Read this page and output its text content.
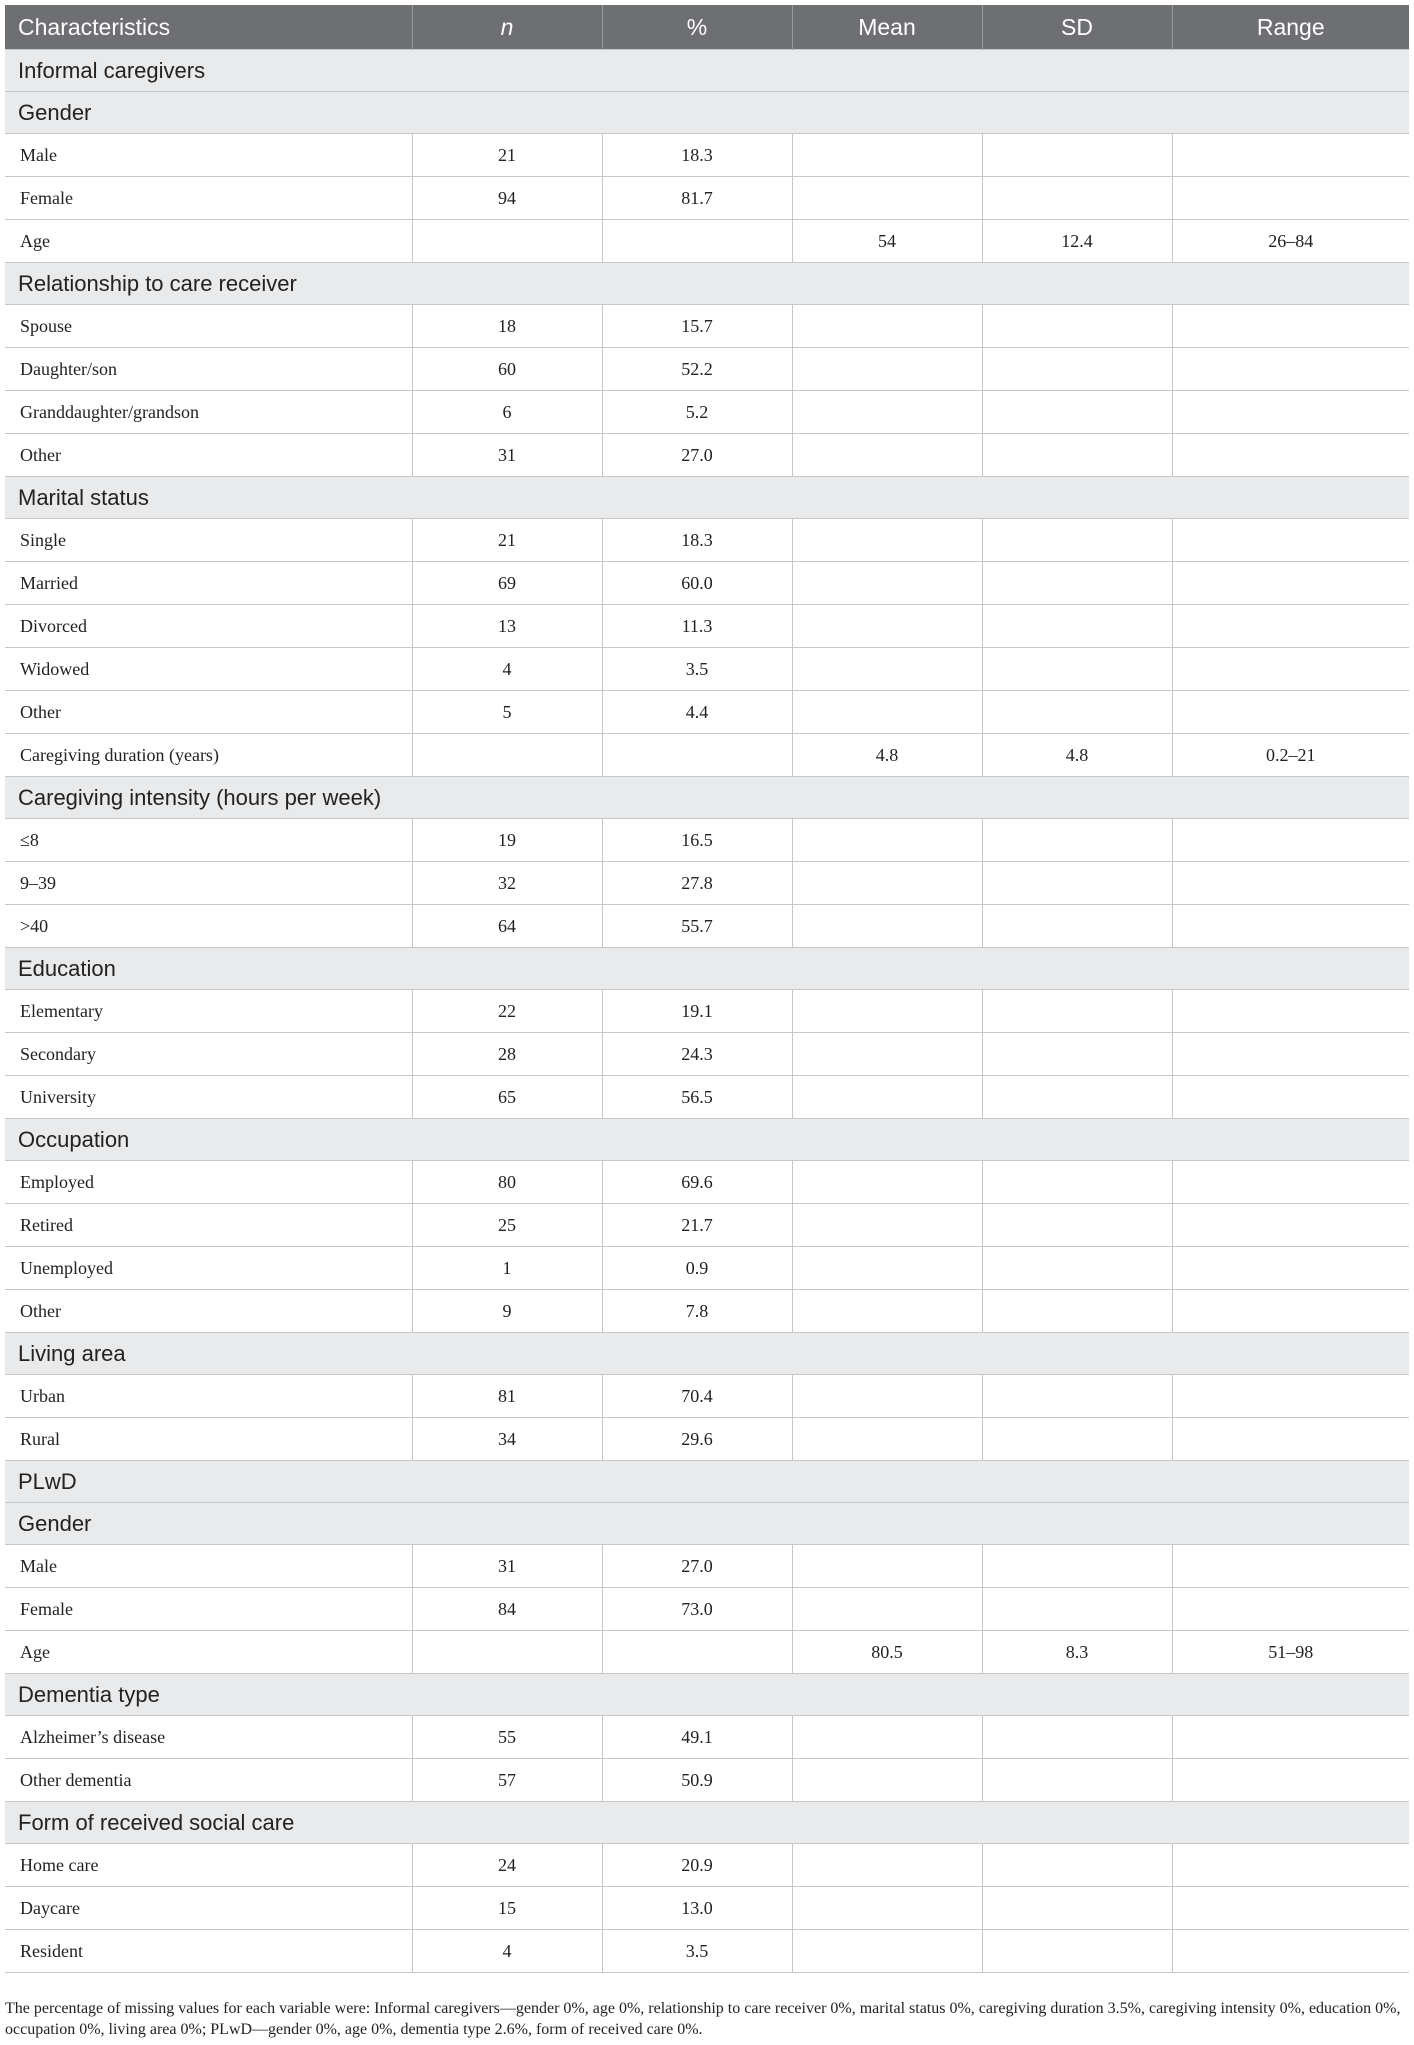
Characteristics	n	%	Mean	SD	Range
Informal caregivers					
Gender					
Male	21	18.3			
Female	94	81.7			
Age			54	12.4	26–84
Relationship to care receiver					
Spouse	18	15.7			
Daughter/son	60	52.2			
Granddaughter/grandson	6	5.2			
Other	31	27.0			
Marital status					
Single	21	18.3			
Married	69	60.0			
Divorced	13	11.3			
Widowed	4	3.5			
Other	5	4.4			
Caregiving duration (years)			4.8	4.8	0.2–21
Caregiving intensity (hours per week)					
≤8	19	16.5			
9–39	32	27.8			
>40	64	55.7			
Education					
Elementary	22	19.1			
Secondary	28	24.3			
University	65	56.5			
Occupation					
Employed	80	69.6			
Retired	25	21.7			
Unemployed	1	0.9			
Other	9	7.8			
Living area					
Urban	81	70.4			
Rural	34	29.6			
PLwD					
Gender					
Male	31	27.0			
Female	84	73.0			
Age			80.5	8.3	51–98
Dementia type					
Alzheimer’s disease	55	49.1			
Other dementia	57	50.9			
Form of received social care					
Home care	24	20.9			
Daycare	15	13.0			
Resident	4	3.5			
The percentage of missing values for each variable were: Informal caregivers—gender 0%, age 0%, relationship to care receiver 0%, marital status 0%, caregiving duration 3.5%, caregiving intensity 0%, education 0%, occupation 0%, living area 0%; PLwD—gender 0%, age 0%, dementia type 2.6%, form of received care 0%.
